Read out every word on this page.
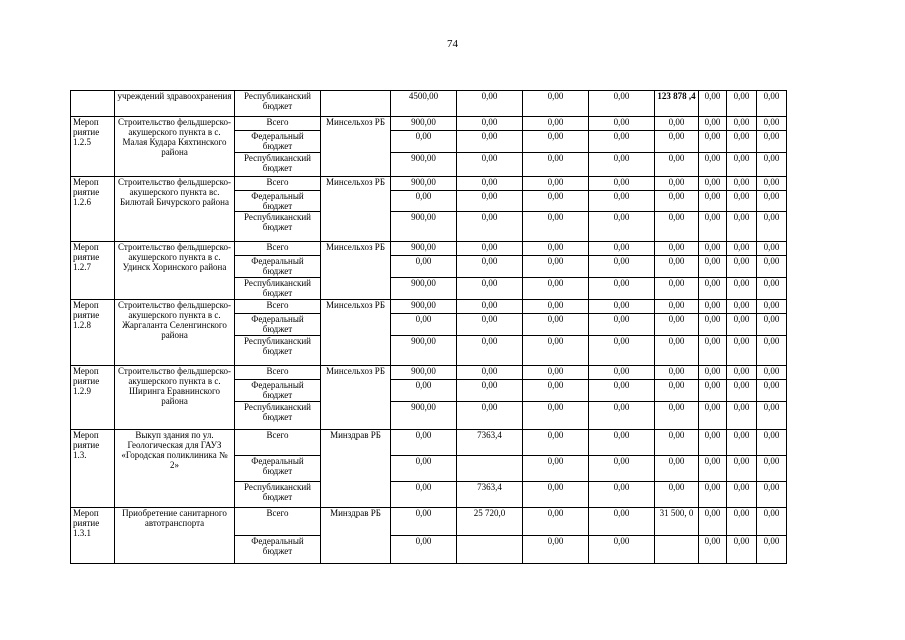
74
	учреждений здравоохранения	Республиканский бюджет		4500,00	0,00	0,00	0,00	123 878 ,4	0,00	0,00	0,00
Мероп риятие 1.2.5	Строительство фельдшерско-акушерского пункта в с. Малая Кудара Кяхтинского района	Всего	Минсельхоз РБ	900,00	0,00	0,00	0,00	0,00	0,00	0,00	0,00
		Федеральный бюджет		0,00	0,00	0,00	0,00	0,00	0,00	0,00	0,00
		Республиканский бюджет		900,00	0,00	0,00	0,00	0,00	0,00	0,00	0,00
Мероп риятие 1.2.6	Строительство фельдшерско-акушерского пункта вс. Билютай Бичурского района	Всего	Минсельхоз РБ	900,00	0,00	0,00	0,00	0,00	0,00	0,00	0,00
		Федеральный бюджет		0,00	0,00	0,00	0,00	0,00	0,00	0,00	0,00
		Республиканский бюджет		900,00	0,00	0,00	0,00	0,00	0,00	0,00	0,00
Мероп риятие 1.2.7	Строительство фельдшерско-акушерского пункта в с. Удинск Хоринского района	Всего	Минсельхоз РБ	900,00	0,00	0,00	0,00	0,00	0,00	0,00	0,00
		Федеральный бюджет		0,00	0,00	0,00	0,00	0,00	0,00	0,00	0,00
		Республиканский бюджет		900,00	0,00	0,00	0,00	0,00	0,00	0,00	0,00
Мероп риятие 1.2.8	Строительство фельдшерско-акушерского пункта в с. Жаргаланта Селенгинского района	Всего	Минсельхоз РБ	900,00	0,00	0,00	0,00	0,00	0,00	0,00	0,00
		Федеральный бюджет		0,00	0,00	0,00	0,00	0,00	0,00	0,00	0,00
		Республиканский бюджет		900,00	0,00	0,00	0,00	0,00	0,00	0,00	0,00
Мероп риятие 1.2.9	Строительство фельдшерско-акушерского пункта в с. Ширинга Еравнинского района	Всего	Минсельхоз РБ	900,00	0,00	0,00	0,00	0,00	0,00	0,00	0,00
		Федеральный бюджет		0,00	0,00	0,00	0,00	0,00	0,00	0,00	0,00
		Республиканский бюджет		900,00	0,00	0,00	0,00	0,00	0,00	0,00	0,00
Мероп риятие 1.3.	Выкуп здания по ул. Геологическая для ГАУЗ «Городская поликлиника № 2»	Всего	Минздрав РБ	0,00	7363,4	0,00	0,00	0,00	0,00	0,00	0,00
		Федеральный бюджет		0,00		0,00	0,00	0,00	0,00	0,00	0,00
		Республиканский бюджет		0,00	7363,4	0,00	0,00	0,00	0,00	0,00	0,00
Мероп риятие 1.3.1	Приобретение санитарного автотранспорта	Всего	Минздрав РБ	0,00	25 720,0	0,00	0,00	31 500, 0	0,00	0,00	0,00
		Федеральный бюджет		0,00		0,00	0,00		0,00	0,00	0,00
